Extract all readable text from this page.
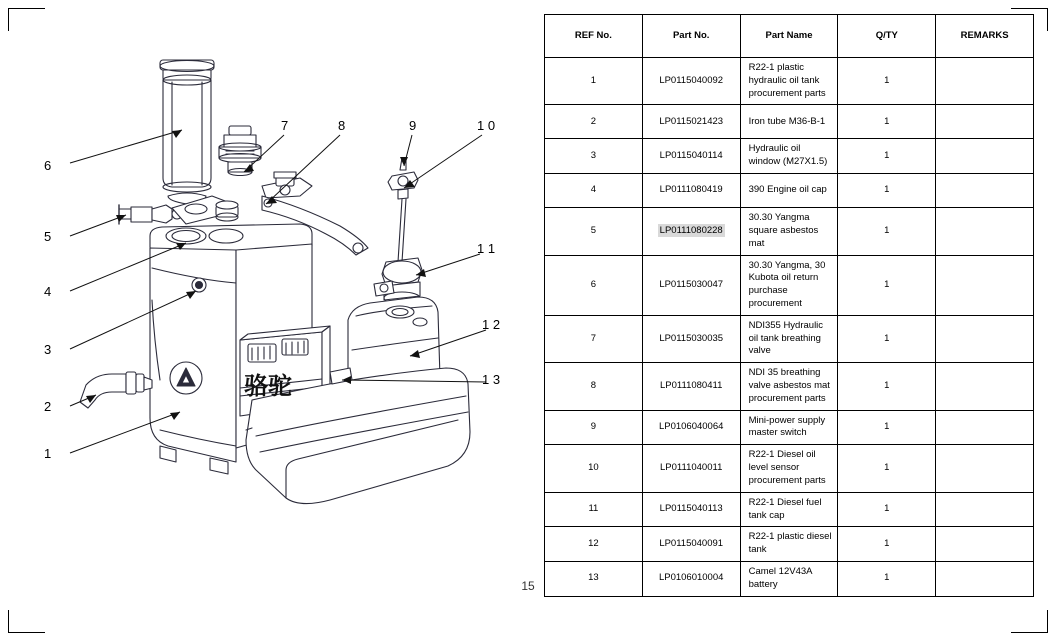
6
5
4
3
2
1
7	8	9	1 0
1 1
1 2
1 3
骆驼
REF No.	Part No.	Part Name	Q/TY	REMARKS
1	LP0115040092	R22-1 plastic hydraulic oil tank procurement parts	1	
2	LP0115021423	Iron tube M36-B-1	1	
3	LP0115040114	Hydraulic oil window (M27X1.5)	1	
4	LP0111080419	390 Engine oil cap	1	
5	LP0111080228	30.30 Yangma square asbestos mat	1	
6	LP0115030047	30.30 Yangma, 30 Kubota oil return purchase procurement	1	
7	LP0115030035	NDI355 Hydraulic oil tank breathing valve	1	
8	LP0111080411	NDI 35 breathing valve asbestos mat procurement parts	1	
9	LP0106040064	Mini-power supply master switch	1	
10	LP0111040011	R22-1 Diesel oil level sensor procurement parts	1	
11	LP0115040113	R22-1 Diesel fuel tank cap	1	
12	LP0115040091	R22-1 plastic diesel tank	1	
13	LP0106010004	Camel 12V43A battery	1	
15
